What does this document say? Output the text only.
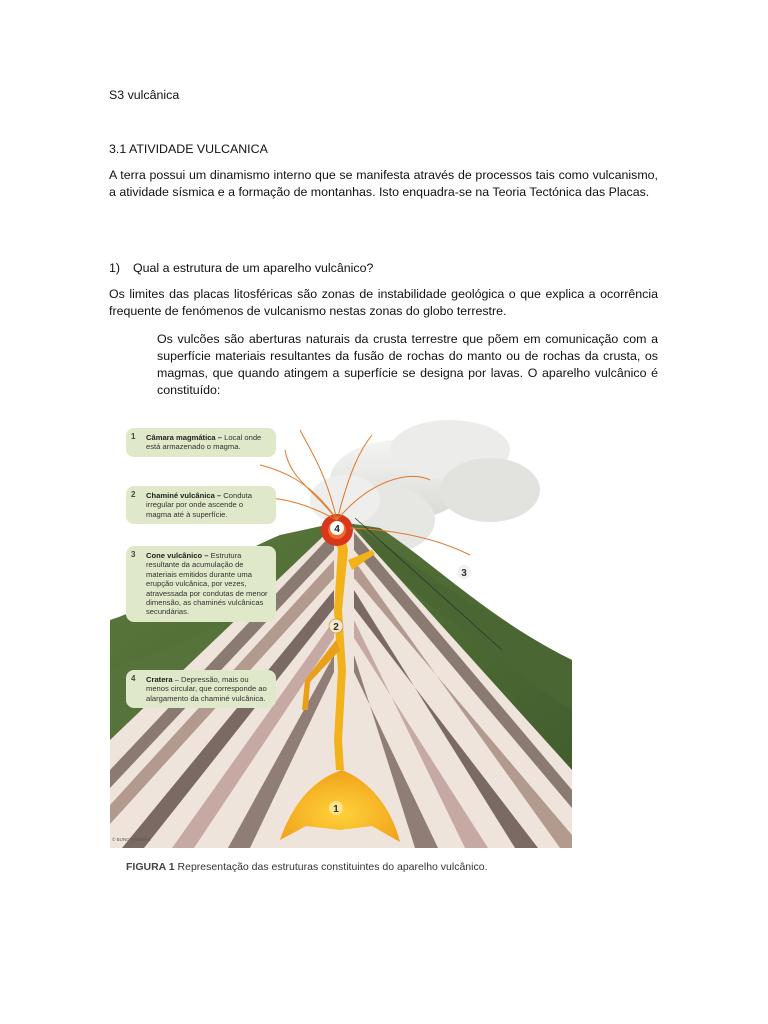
S3 vulcânica

3.1 ATIVIDADE VULCANICA

A terra possui um dinamismo interno que se manifesta através de processos tais como vulcanismo, a atividade sísmica e a formação de montanhas. Isto enquadra-se na Teoria Tectónica das Placas.

1) Qual a estrutura de um aparelho vulcânico?

Os limites das placas litosféricas são zonas de instabilidade geológica o que explica a ocorrência frequente de fenómenos de vulcanismo nestas zonas do globo terrestre.

Os vulcões são aberturas naturais da crusta terrestre que põem em comunicação com a superfície materiais resultantes da fusão de rochas do manto ou de rochas da crusta, os magmas, que quando atingem a superfície se designa por lavas. O aparelho vulcânico é constituído:

4
2
3
1
1	Câmara magmática – Local onde está armazenado o magma.
2	Chaminé vulcânica – Conduta irregular por onde ascende o magma até à superfície.
3	Cone vulcânico – Estrutura resultante da acumulação de materiais emitidos durante uma erupção vulcânica, por vezes, atravessada por condutas de menor dimensão, as chaminés vulcânicas secundárias.
4	Cratera – Depressão, mais ou menos circular, que corresponde ao alargamento da chaminé vulcânica.
© BUNO FARINHA
FIGURA 1 Representação das estruturas constituintes do aparelho vulcânico.
